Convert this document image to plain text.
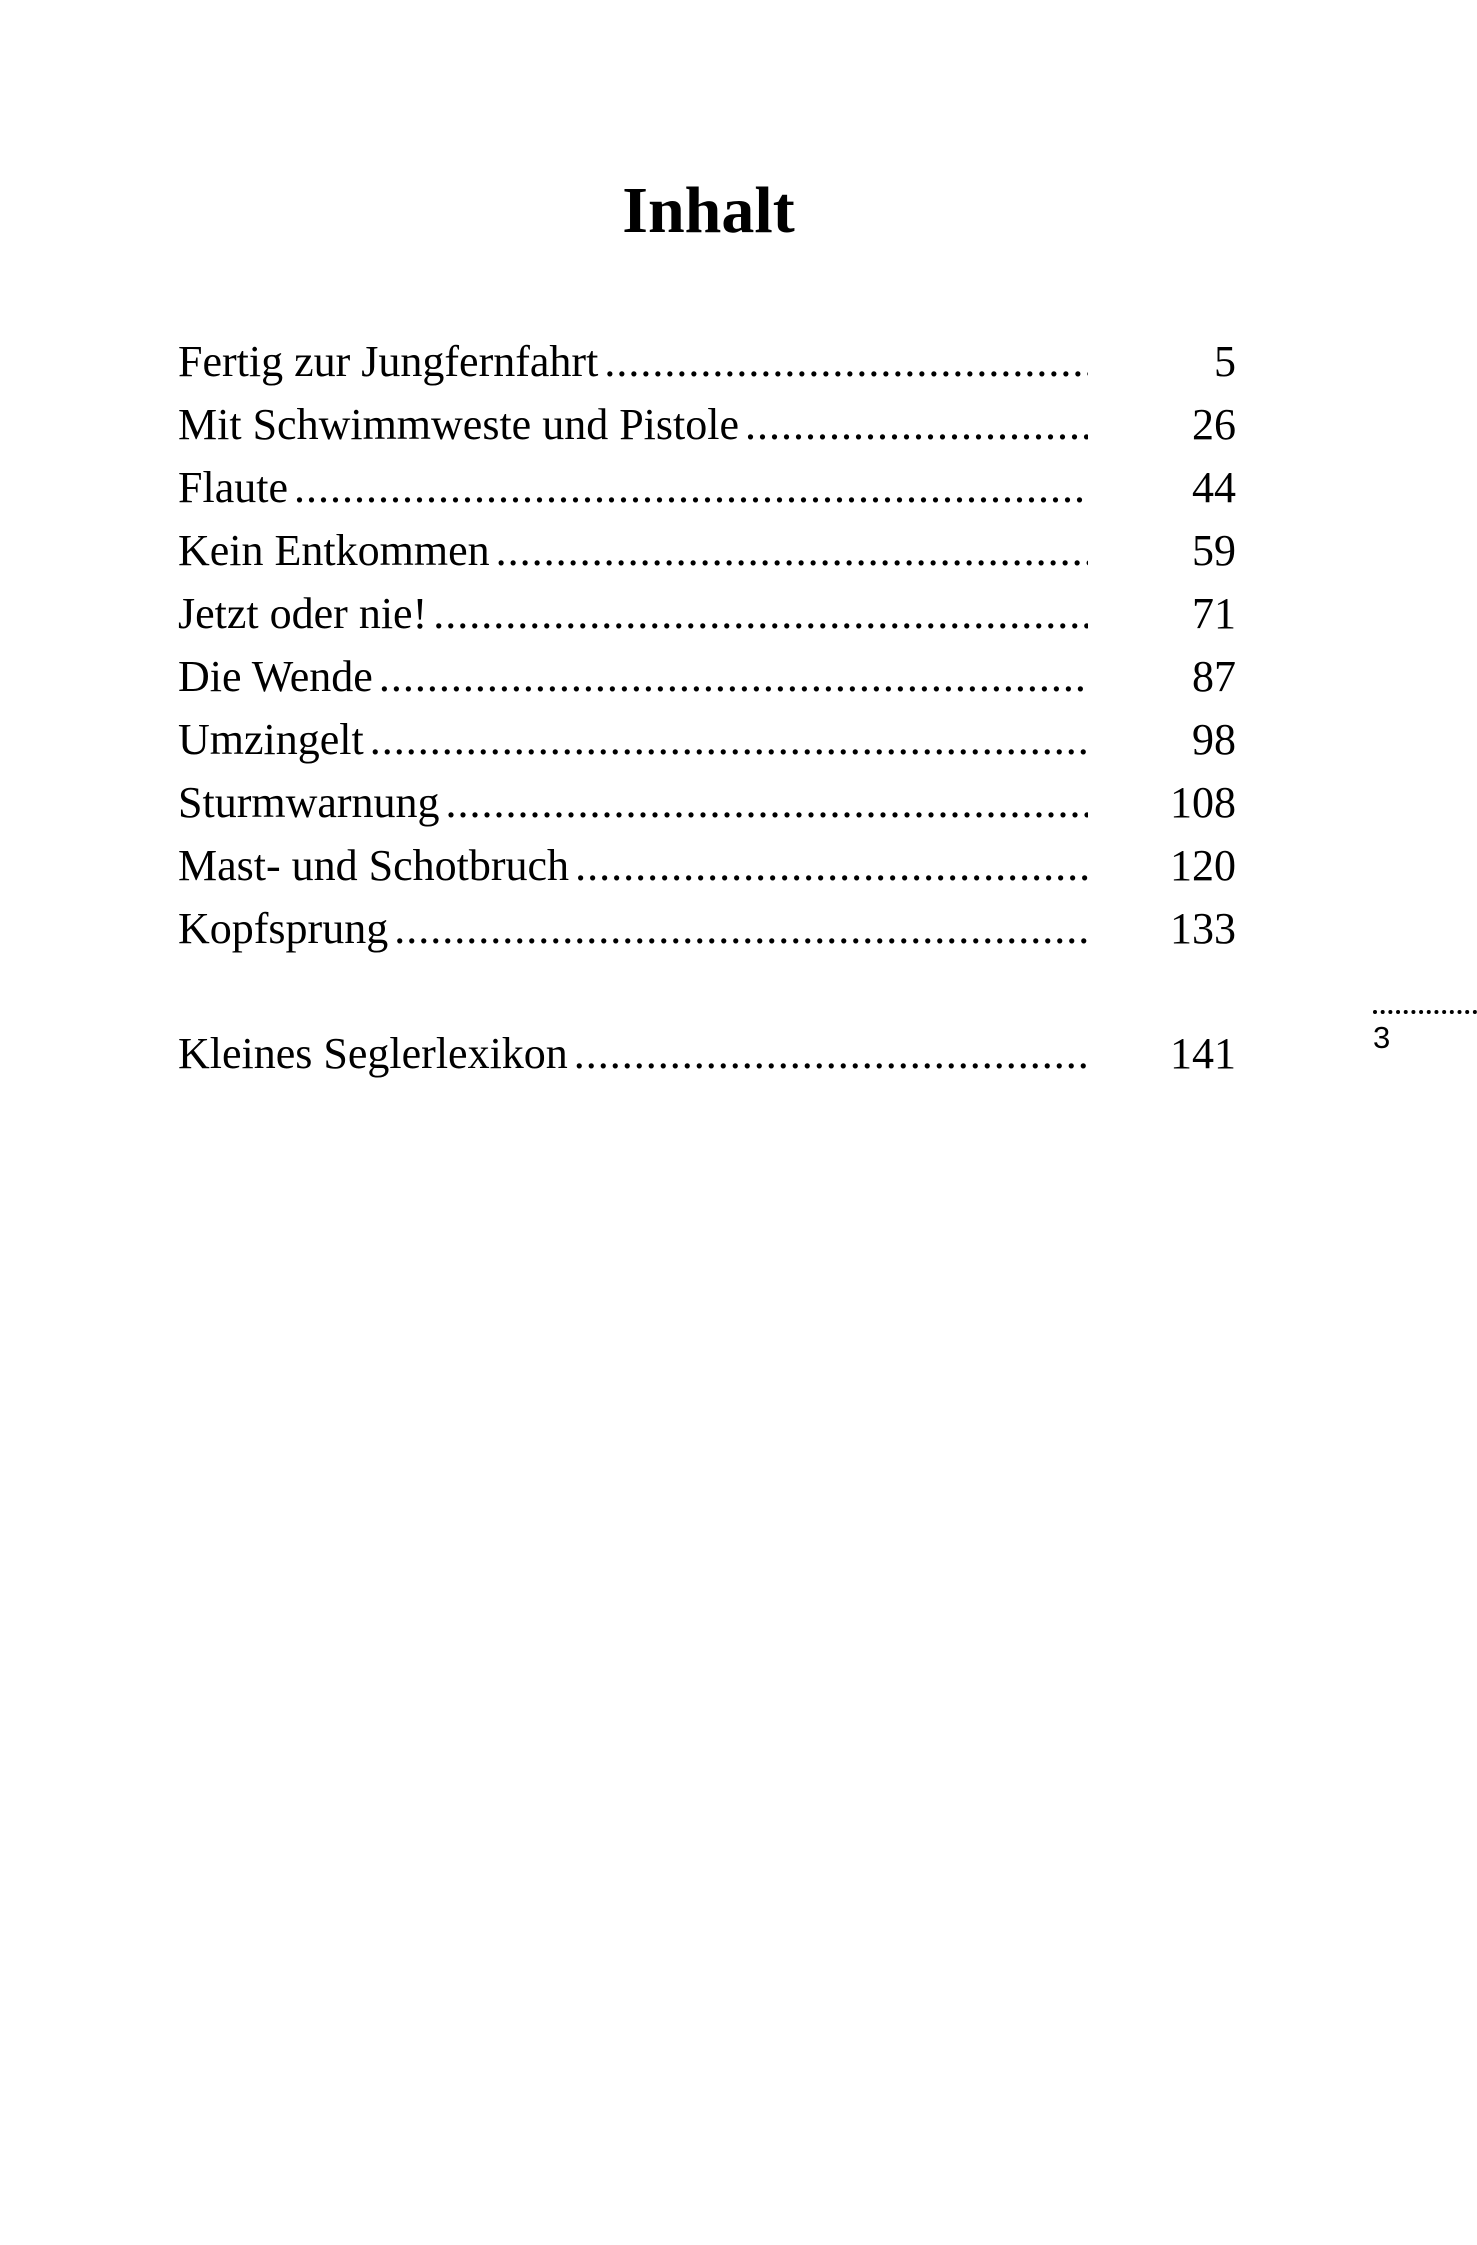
Inhalt
Fertig zur Jungfernfahrt .....	5
Mit Schwimmweste und Pistole .....	26
Flaute .....	44
Kein Entkommen .....	59
Jetzt oder nie! .....	71
Die Wende .....	87
Umzingelt .....	98
Sturmwarnung .....	108
Mast- und Schotbruch .....	120
Kopfsprung .....	133
Kleines Seglerlexikon .....	141	3
